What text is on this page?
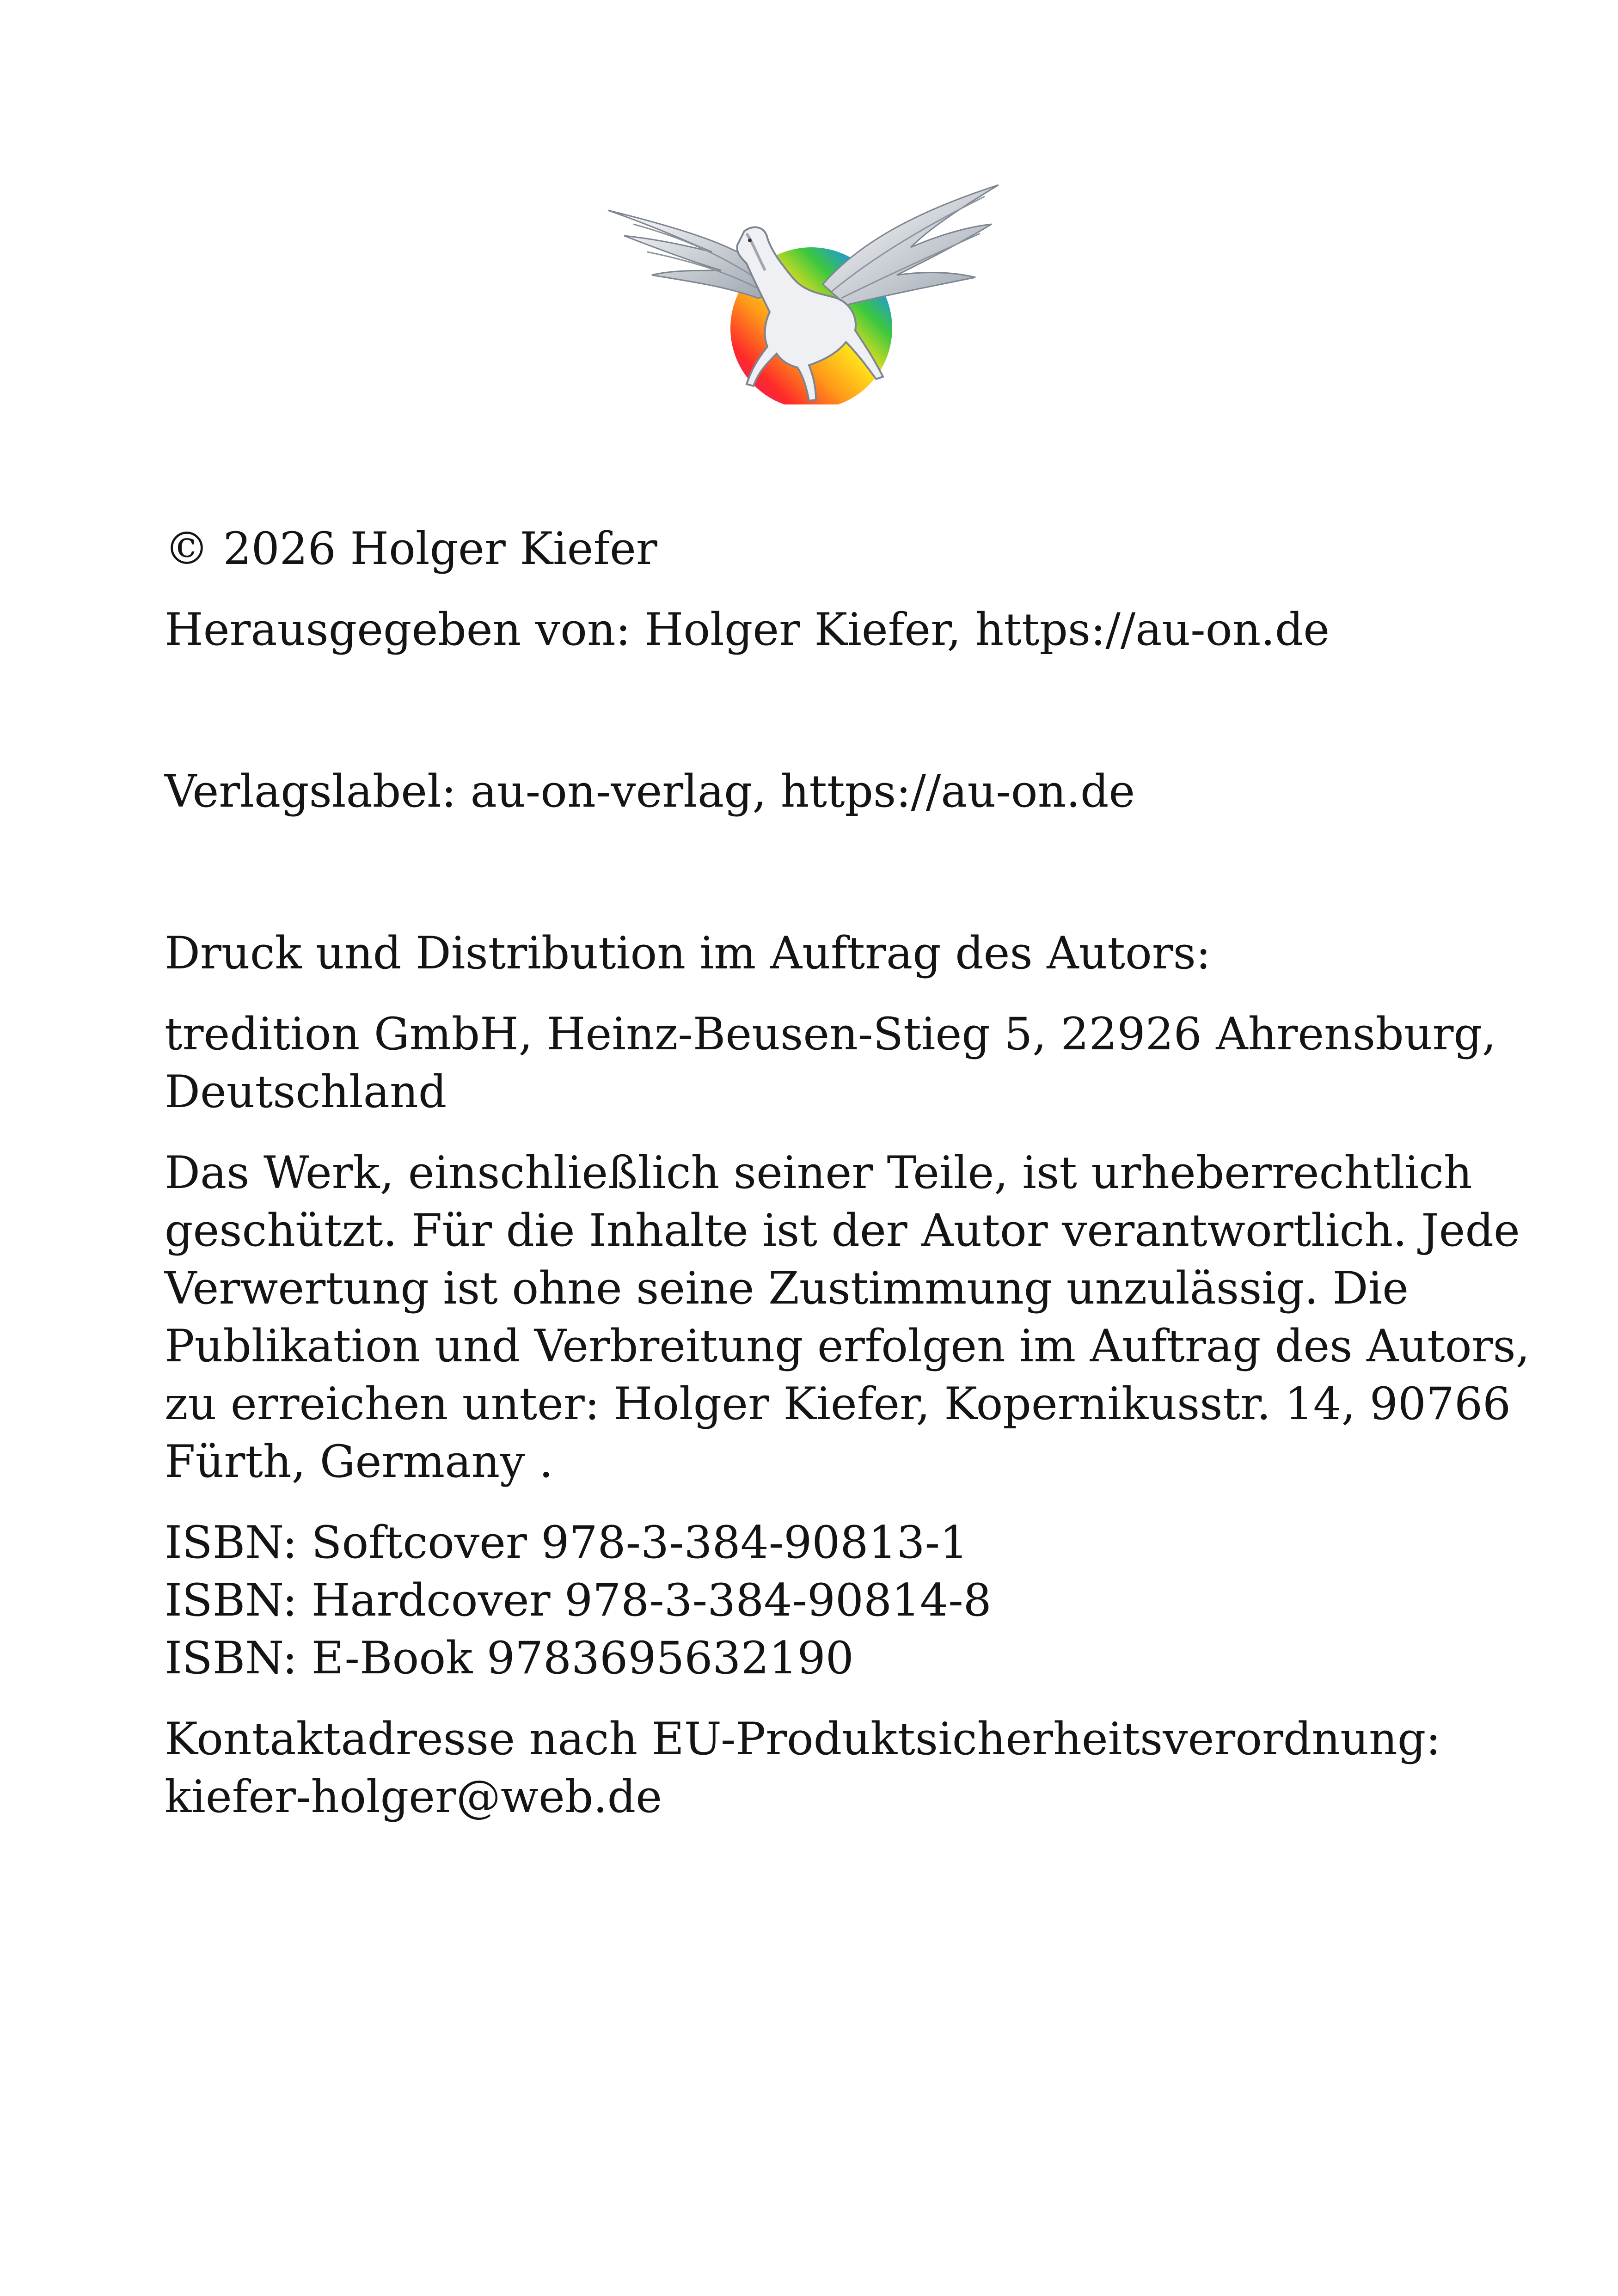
© 2026 Holger Kiefer

Herausgegeben von: Holger Kiefer, https://au-on.de

Verlagslabel: au-on-verlag, https://au-on.de

Druck und Distribution im Auftrag des Autors:

tredition GmbH, Heinz-Beusen-Stieg 5, 22926 Ahrensburg,
Deutschland

Das Werk, einschließlich seiner Teile, ist urheberrechtlich
geschützt. Für die Inhalte ist der Autor verantwortlich. Jede
Verwertung ist ohne seine Zustimmung unzulässig. Die
Publikation und Verbreitung erfolgen im Auftrag des Autors,
zu erreichen unter: Holger Kiefer, Kopernikusstr. 14, 90766
Fürth, Germany .

ISBN: Softcover 978-3-384-90813-1
ISBN: Hardcover 978-3-384-90814-8
ISBN: E-Book 9783695632190

Kontaktadresse nach EU-Produktsicherheitsverordnung:
kiefer-holger@web.de
